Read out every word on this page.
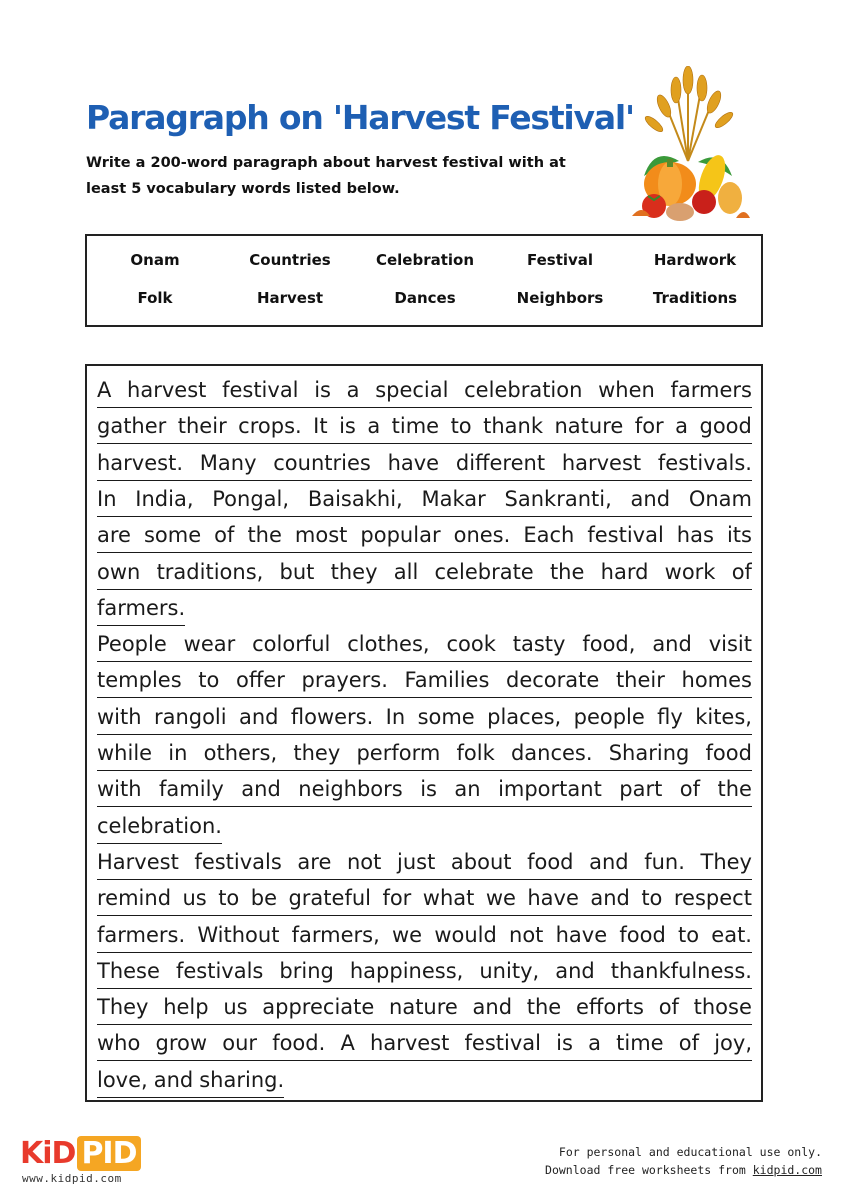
Paragraph on 'Harvest Festival'
Write a 200-word paragraph about harvest festival with at least 5 vocabulary words listed below.
Onam	Countries	Celebration	Festival	Hardwork
Folk	Harvest	Dances	Neighbors	Traditions
A harvest festival is a special celebration when farmers
gather their crops. It is a time to thank nature for a good
harvest. Many countries have different harvest festivals.
In India, Pongal, Baisakhi, Makar Sankranti, and Onam
are some of the most popular ones. Each festival has its
own traditions, but they all celebrate the hard work of
farmers.
People wear colorful clothes, cook tasty food, and visit
temples to offer prayers. Families decorate their homes
with rangoli and flowers. In some places, people fly kites,
while in others, they perform folk dances. Sharing food
with family and neighbors is an important part of the
celebration.
Harvest festivals are not just about food and fun. They
remind us to be grateful for what we have and to respect
farmers. Without farmers, we would not have food to eat.
These festivals bring happiness, unity, and thankfulness.
They help us appreciate nature and the efforts of those
who grow our food. A harvest festival is a time of joy,
love, and sharing.
KiD PID
www.kidpid.com
For personal and educational use only.
Download free worksheets from kidpid.com
